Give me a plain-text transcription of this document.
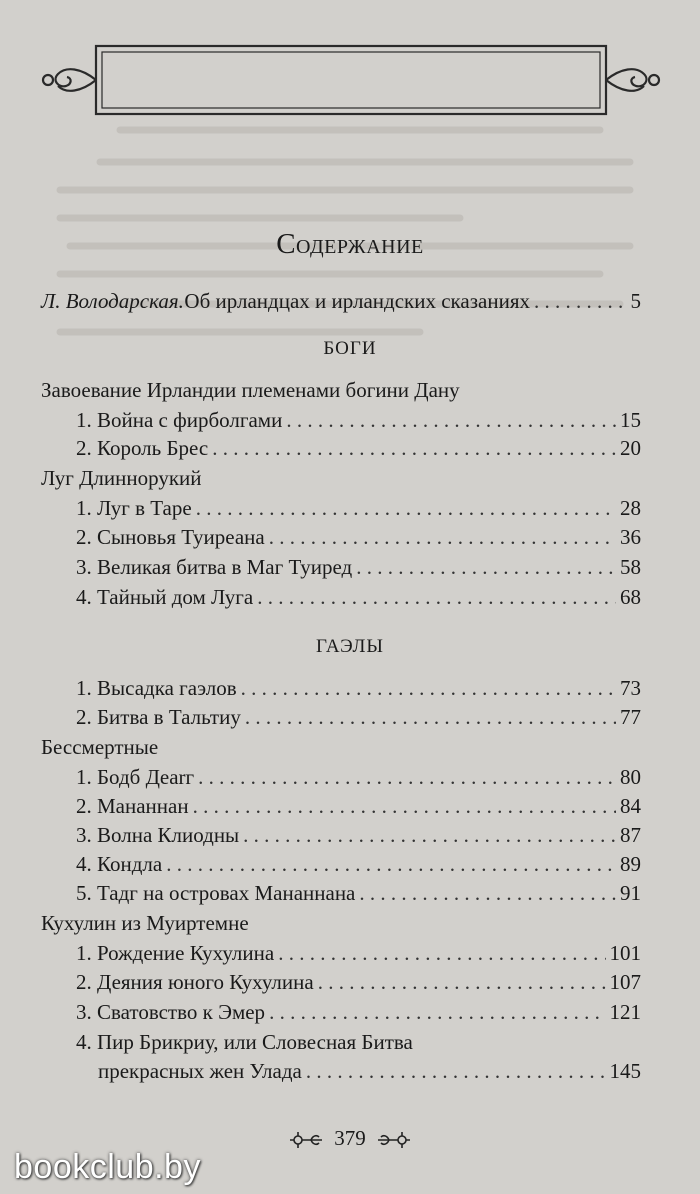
Содержание
Л. Володарская. Об ирландцах и ирландских сказаниях . . .	5
БОГИ
Завоевание Ирландии племенами богини Дану
1. Война с фирболгами . . .	15
2. Король Брес . . .	20
Луг Длиннорукий
1. Луг в Таре . . .	28
2. Сыновья Туиреана . . .	36
3. Великая битва в Маг Туиред . . .	58
4. Тайный дом Луга . . .	68
ГАЭЛЫ
1. Высадка гаэлов . . .	73
2. Битва в Тальтиу . . .	77
Бессмертные
1. Бодб Дearг . . .	80
2. Мананнан . . .	84
3. Волна Клиодны . . .	87
4. Кондла . . .	89
5. Тадг на островах Мананнана . . .	91
Кухулин из Муиртемне
1. Рождение Кухулина . . .	101
2. Деяния юного Кухулина . . .	107
3. Сватовство к Эмер . . .	121
4. Пир Брикриу, или Словесная Битва
прекрасных жен Улада . . .	145
379
bookclub.by
